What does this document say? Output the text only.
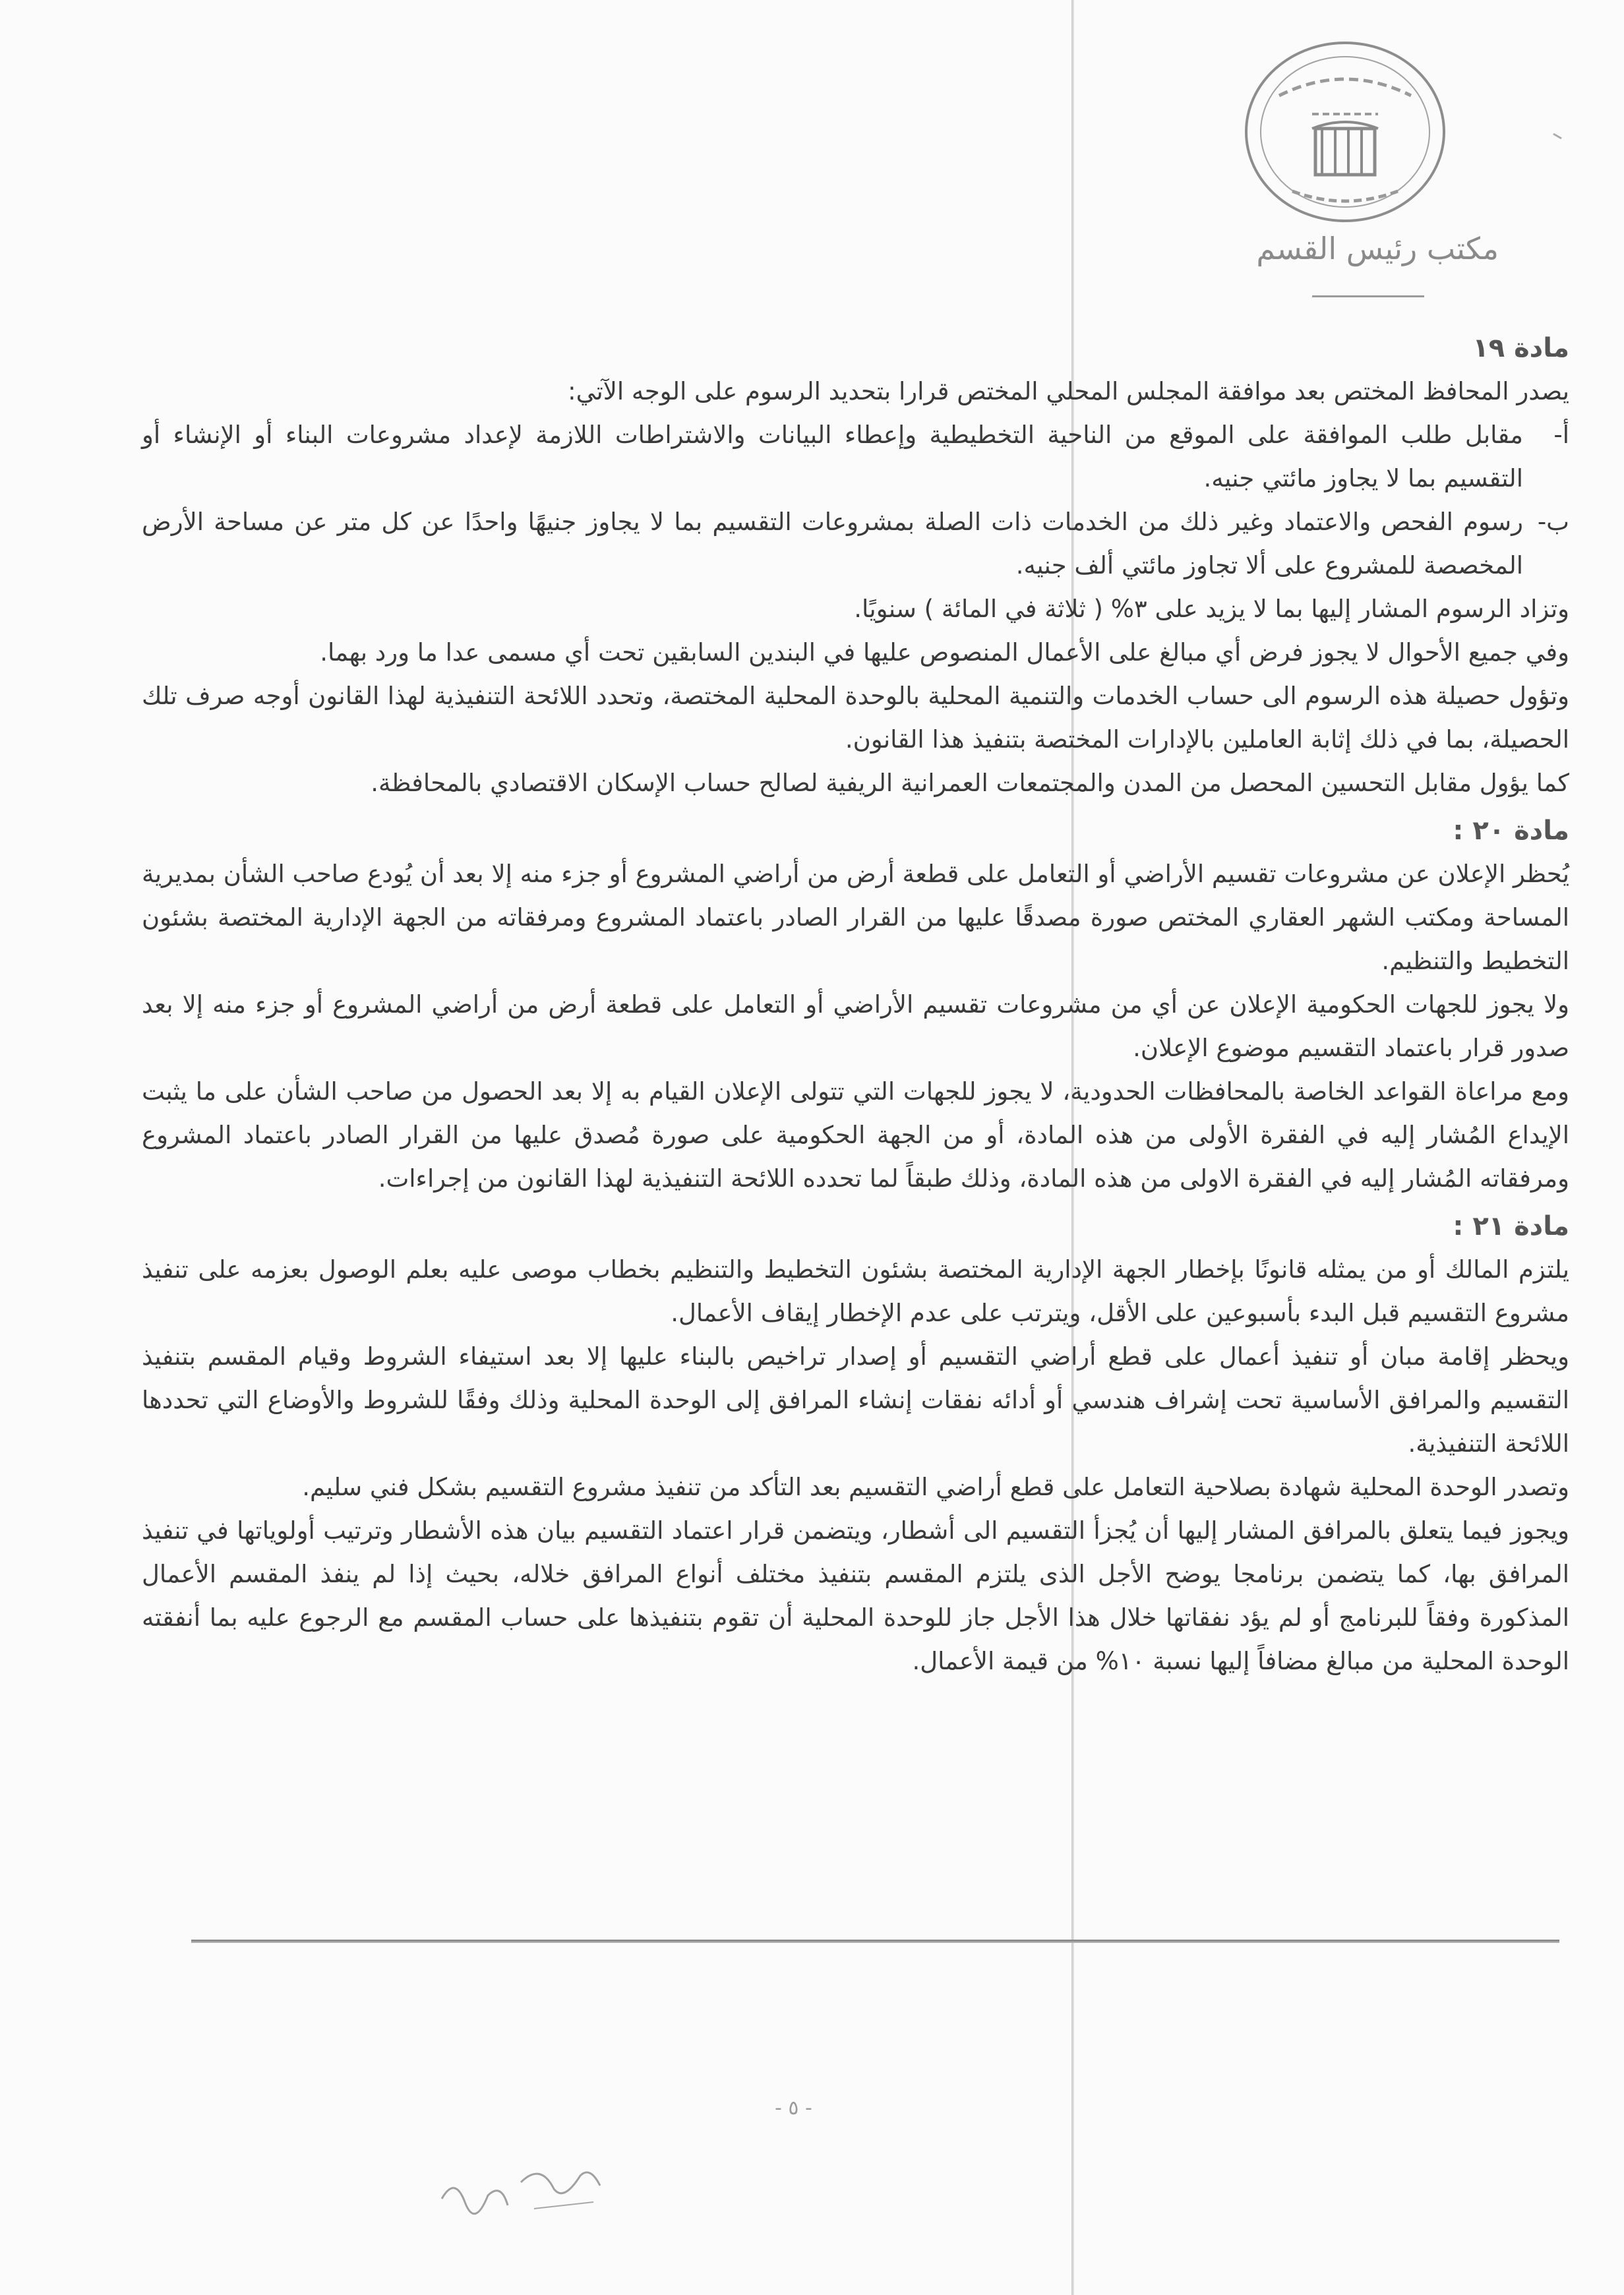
مكتب رئيس القسم

مادة ١٩

يصدر المحافظ المختص بعد موافقة المجلس المحلي المختص قرارا بتحديد الرسوم على الوجه الآتي:

أ-
مقابل طلب الموافقة على الموقع من الناحية التخطيطية وإعطاء البيانات والاشتراطات اللازمة لإعداد مشروعات البناء أو الإنشاء أو التقسيم بما لا يجاوز مائتي جنيه.
ب-
رسوم الفحص والاعتماد وغير ذلك من الخدمات ذات الصلة بمشروعات التقسيم بما لا يجاوز جنيهًا واحدًا عن كل متر عن مساحة الأرض المخصصة للمشروع على ألا تجاوز مائتي ألف جنيه.

وتزاد الرسوم المشار إليها بما لا يزيد على ٣% ( ثلاثة في المائة ) سنويًا.

وفي جميع الأحوال لا يجوز فرض أي مبالغ على الأعمال المنصوص عليها في البندين السابقين تحت أي مسمى عدا ما ورد بهما.

وتؤول حصيلة هذه الرسوم الى حساب الخدمات والتنمية المحلية بالوحدة المحلية المختصة، وتحدد اللائحة التنفيذية لهذا القانون أوجه صرف تلك الحصيلة، بما في ذلك إثابة العاملين بالإدارات المختصة بتنفيذ هذا القانون.

كما يؤول مقابل التحسين المحصل من المدن والمجتمعات العمرانية الريفية لصالح حساب الإسكان الاقتصادي بالمحافظة.

مادة ٢٠ :

يُحظر الإعلان عن مشروعات تقسيم الأراضي أو التعامل على قطعة أرض من أراضي المشروع أو جزء منه إلا بعد أن يُودع صاحب الشأن بمديرية المساحة ومكتب الشهر العقاري المختص صورة مصدقًا عليها من القرار الصادر باعتماد المشروع ومرفقاته من الجهة الإدارية المختصة بشئون التخطيط والتنظيم.

ولا يجوز للجهات الحكومية الإعلان عن أي من مشروعات تقسيم الأراضي أو التعامل على قطعة أرض من أراضي المشروع أو جزء منه إلا بعد صدور قرار باعتماد التقسيم موضوع الإعلان.

ومع مراعاة القواعد الخاصة بالمحافظات الحدودية، لا يجوز للجهات التي تتولى الإعلان القيام به إلا بعد الحصول من صاحب الشأن على ما يثبت الإيداع المُشار إليه في الفقرة الأولى من هذه المادة، أو من الجهة الحكومية على صورة مُصدق عليها من القرار الصادر باعتماد المشروع ومرفقاته المُشار إليه في الفقرة الاولى من هذه المادة، وذلك طبقاً لما تحدده اللائحة التنفيذية لهذا القانون من إجراءات.

مادة ٢١ :

يلتزم المالك أو من يمثله قانونًا بإخطار الجهة الإدارية المختصة بشئون التخطيط والتنظيم بخطاب موصى عليه بعلم الوصول بعزمه على تنفيذ مشروع التقسيم قبل البدء بأسبوعين على الأقل، ويترتب على عدم الإخطار إيقاف الأعمال.

ويحظر إقامة مبان أو تنفيذ أعمال على قطع أراضي التقسيم أو إصدار تراخيص بالبناء عليها إلا بعد استيفاء الشروط وقيام المقسم بتنفيذ التقسيم والمرافق الأساسية تحت إشراف هندسي أو أدائه نفقات إنشاء المرافق إلى الوحدة المحلية وذلك وفقًا للشروط والأوضاع التي تحددها اللائحة التنفيذية.

وتصدر الوحدة المحلية شهادة بصلاحية التعامل على قطع أراضي التقسيم بعد التأكد من تنفيذ مشروع التقسيم بشكل فني سليم.

ويجوز فيما يتعلق بالمرافق المشار إليها أن يُجزأ التقسيم الى أشطار، ويتضمن قرار اعتماد التقسيم بيان هذه الأشطار وترتيب أولوياتها في تنفيذ المرافق بها، كما يتضمن برنامجا يوضح الأجل الذى يلتزم المقسم بتنفيذ مختلف أنواع المرافق خلاله، بحيث إذا لم ينفذ المقسم الأعمال المذكورة وفقاً للبرنامج أو لم يؤد نفقاتها خلال هذا الأجل جاز للوحدة المحلية أن تقوم بتنفيذها على حساب المقسم مع الرجوع عليه بما أنفقته الوحدة المحلية من مبالغ مضافاً إليها نسبة ١٠% من قيمة الأعمال.

- ٥ -
